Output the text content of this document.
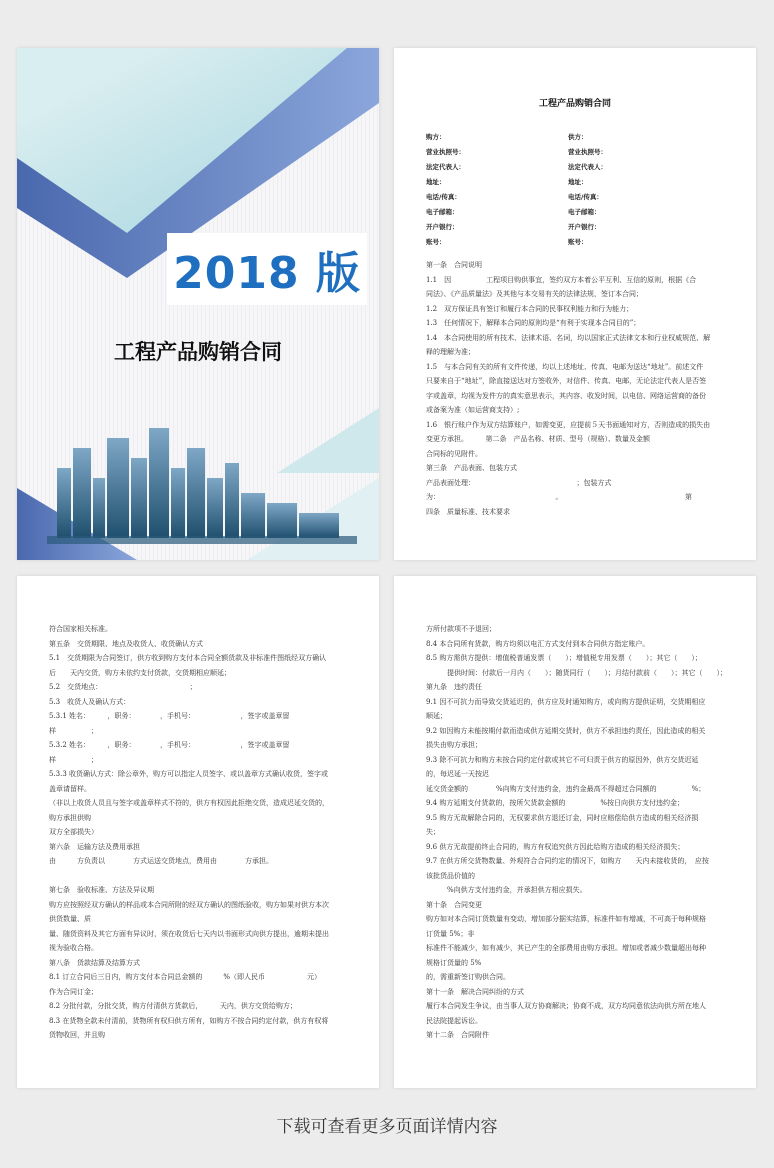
2018 版
工程产品购销合同
工程产品购销合同
购方：	供方：
营业执照号：	营业执照号：
法定代表人：	法定代表人：
地址：	地址：
电话/传真：	电话/传真：
电子邮箱：	电子邮箱：
开户银行：	开户银行：
账号：	账号：
第一条　合同说明
1.1　因　　　　　工程项目购供事宜，签约双方本着公平互利、互信的原则，根据《合
同法》、《产品质量法》及其他与本交易有关的法律法规，签订本合同；
1.2　双方保证具有签订和履行本合同的民事权利能力和行为能力；
1.3　任何情况下，解释本合同的原则均是“有利于实现本合同目的”；
1.4　本合同使用的所有技术、法律术语、名词，均以国家正式法律文本和行业权威规范、解
释的理解为准；
1.5　与本合同有关的所有文件传递，均以上述地址、传真、电邮为送达“地址”。前述文件
只要来自于“地址”，除直接送达对方签收外，对信件、传真、电邮，无论法定代表人是否签
字或盖章，均视为发件方的真实意思表示，其内容、收发时间，以电信、网络运营商的备份
或备案为准（如运营商支持）;
1.6　银行账户作为双方结算账户，如需变更，应提前５天书面通知对方，否则造成的损失由
变更方承担。　　　第二条　产品名称、材质、型号（规格）、数量及金额
合同标的见附件。
第三条　产品表面、包装方式
产品表面处理：　　　　　　　　　　　　　　　；包装方式
为：　　　　　　　　　　　　　　　　　。　　　　　　　　　　　　　　　　　　第
四条　质量标准、技术要求

符合国家相关标准。
第五条　交货期限、地点及收货人、收货确认方式
5.1　交货期限为合同签订，供方收到购方支付本合同全额货款及非标准件图纸经双方确认
后　　天内交货，购方未依约支付货款，交货期相应顺延；
5.2　交货地点：　　　　　　　　　　　　　；
5.3　收货人及确认方式：
5.3.1 姓名：　　　，职务：　　　　，手机号：　　　　　　　，签字或盖章留
样　　　　　；
5.3.2 姓名：　　　，职务：　　　　，手机号：　　　　　　　，签字或盖章留
样　　　　　；
5.3.3 收货确认方式：除公章外，购方可以指定人员签字、或以盖章方式确认收货，签字或
盖章请留样。
（非以上收货人员且与签字或盖章样式不符的，供方有权因此拒绝交货，造成迟延交货的，
购方承担供购
双方全部损失）
第六条　运输方法及费用承担
由　　　方负责以　　　　方式运送交货地点，费用由　　　　方承担。

第七条　验收标准、方法及异议期
购方应按照经双方确认的样品或本合同所附的经双方确认的图纸验收，购方如果对供方本次
供货数量、质
量、随货资料及其它方面有异议时，须在收货后七天内以书面形式向供方提出，逾期未提出
视为验收合格。
第八条　货款结算及结算方式
8.1 订立合同后三日内，购方支付本合同总金额的　　　%（即人民币　　　　　　元）
作为合同订金；
8.2 分批付款，分批交货，购方付清供方货款后，　　　天内，供方交货给购方；
8.3 在货物全款未付清前，货物所有权归供方所有，如购方不按合同约定付款，供方有权将
货物收回，并且购
方所付款项不予退回；
8.4 本合同所有货款，购方均须以电汇方式支付到本合同供方指定账户。
8.5 购方需供方提供：增值税普通发票（　　）；增值税专用发票（　　）；其它（　　）；
　　　提供时间：付款后一月内（　　）；随货同行（　　）；月结付款前（　　）；其它（　　）；
第九条　违约责任
9.1 因不可抗力而导致交货延迟的，供方应及时通知购方，或向购方提供证明，交货期相应
顺延；
9.2 如因购方未能按期付款而造成供方延期交货时，供方不承担违约责任，因此造成的相关
损失由购方承担；
9.3 除不可抗力和购方未按合同约定付款或其它不可归责于供方的原因外，供方交货迟延
的，每迟延一天按迟
延交货金额的　　　　%向购方支付违约金，违约金最高不得超过合同额的　　　　　%；
9.4 购方延期支付货款的，按所欠货款金额的　　　　　%按日向供方支付违约金；
9.5 购方无故解除合同的，无权要求供方退还订金，同时应赔偿给供方造成的相关经济损
失；
9.6 供方无故提前终止合同的，购方有权追究供方因此给购方造成的相关经济损失；
9.7 在供方所交货物数量、外观符合合同约定的情况下，如购方　　天内未接收货的，　应按
该批货品价值的
　　　%向供方支付违约金，并承担供方相应损失。
第十条　合同变更
购方如对本合同订货数量有变动，增加部分据实结算，标准件如有增减，不可高于每种规格
订货量 5%；非
标准件不能减少，如有减少，其已产生的全部费用由购方承担。增加或者减少数量超出每种
规格订货量的 5%
的，需重新签订购供合同。
第十一条　解决合同纠纷的方式
履行本合同发生争议，由当事人双方协商解决；协商不成，双方均同意依法向供方所在地人
民法院提起诉讼。
第十二条　合同附件
下载可查看更多页面详情内容
